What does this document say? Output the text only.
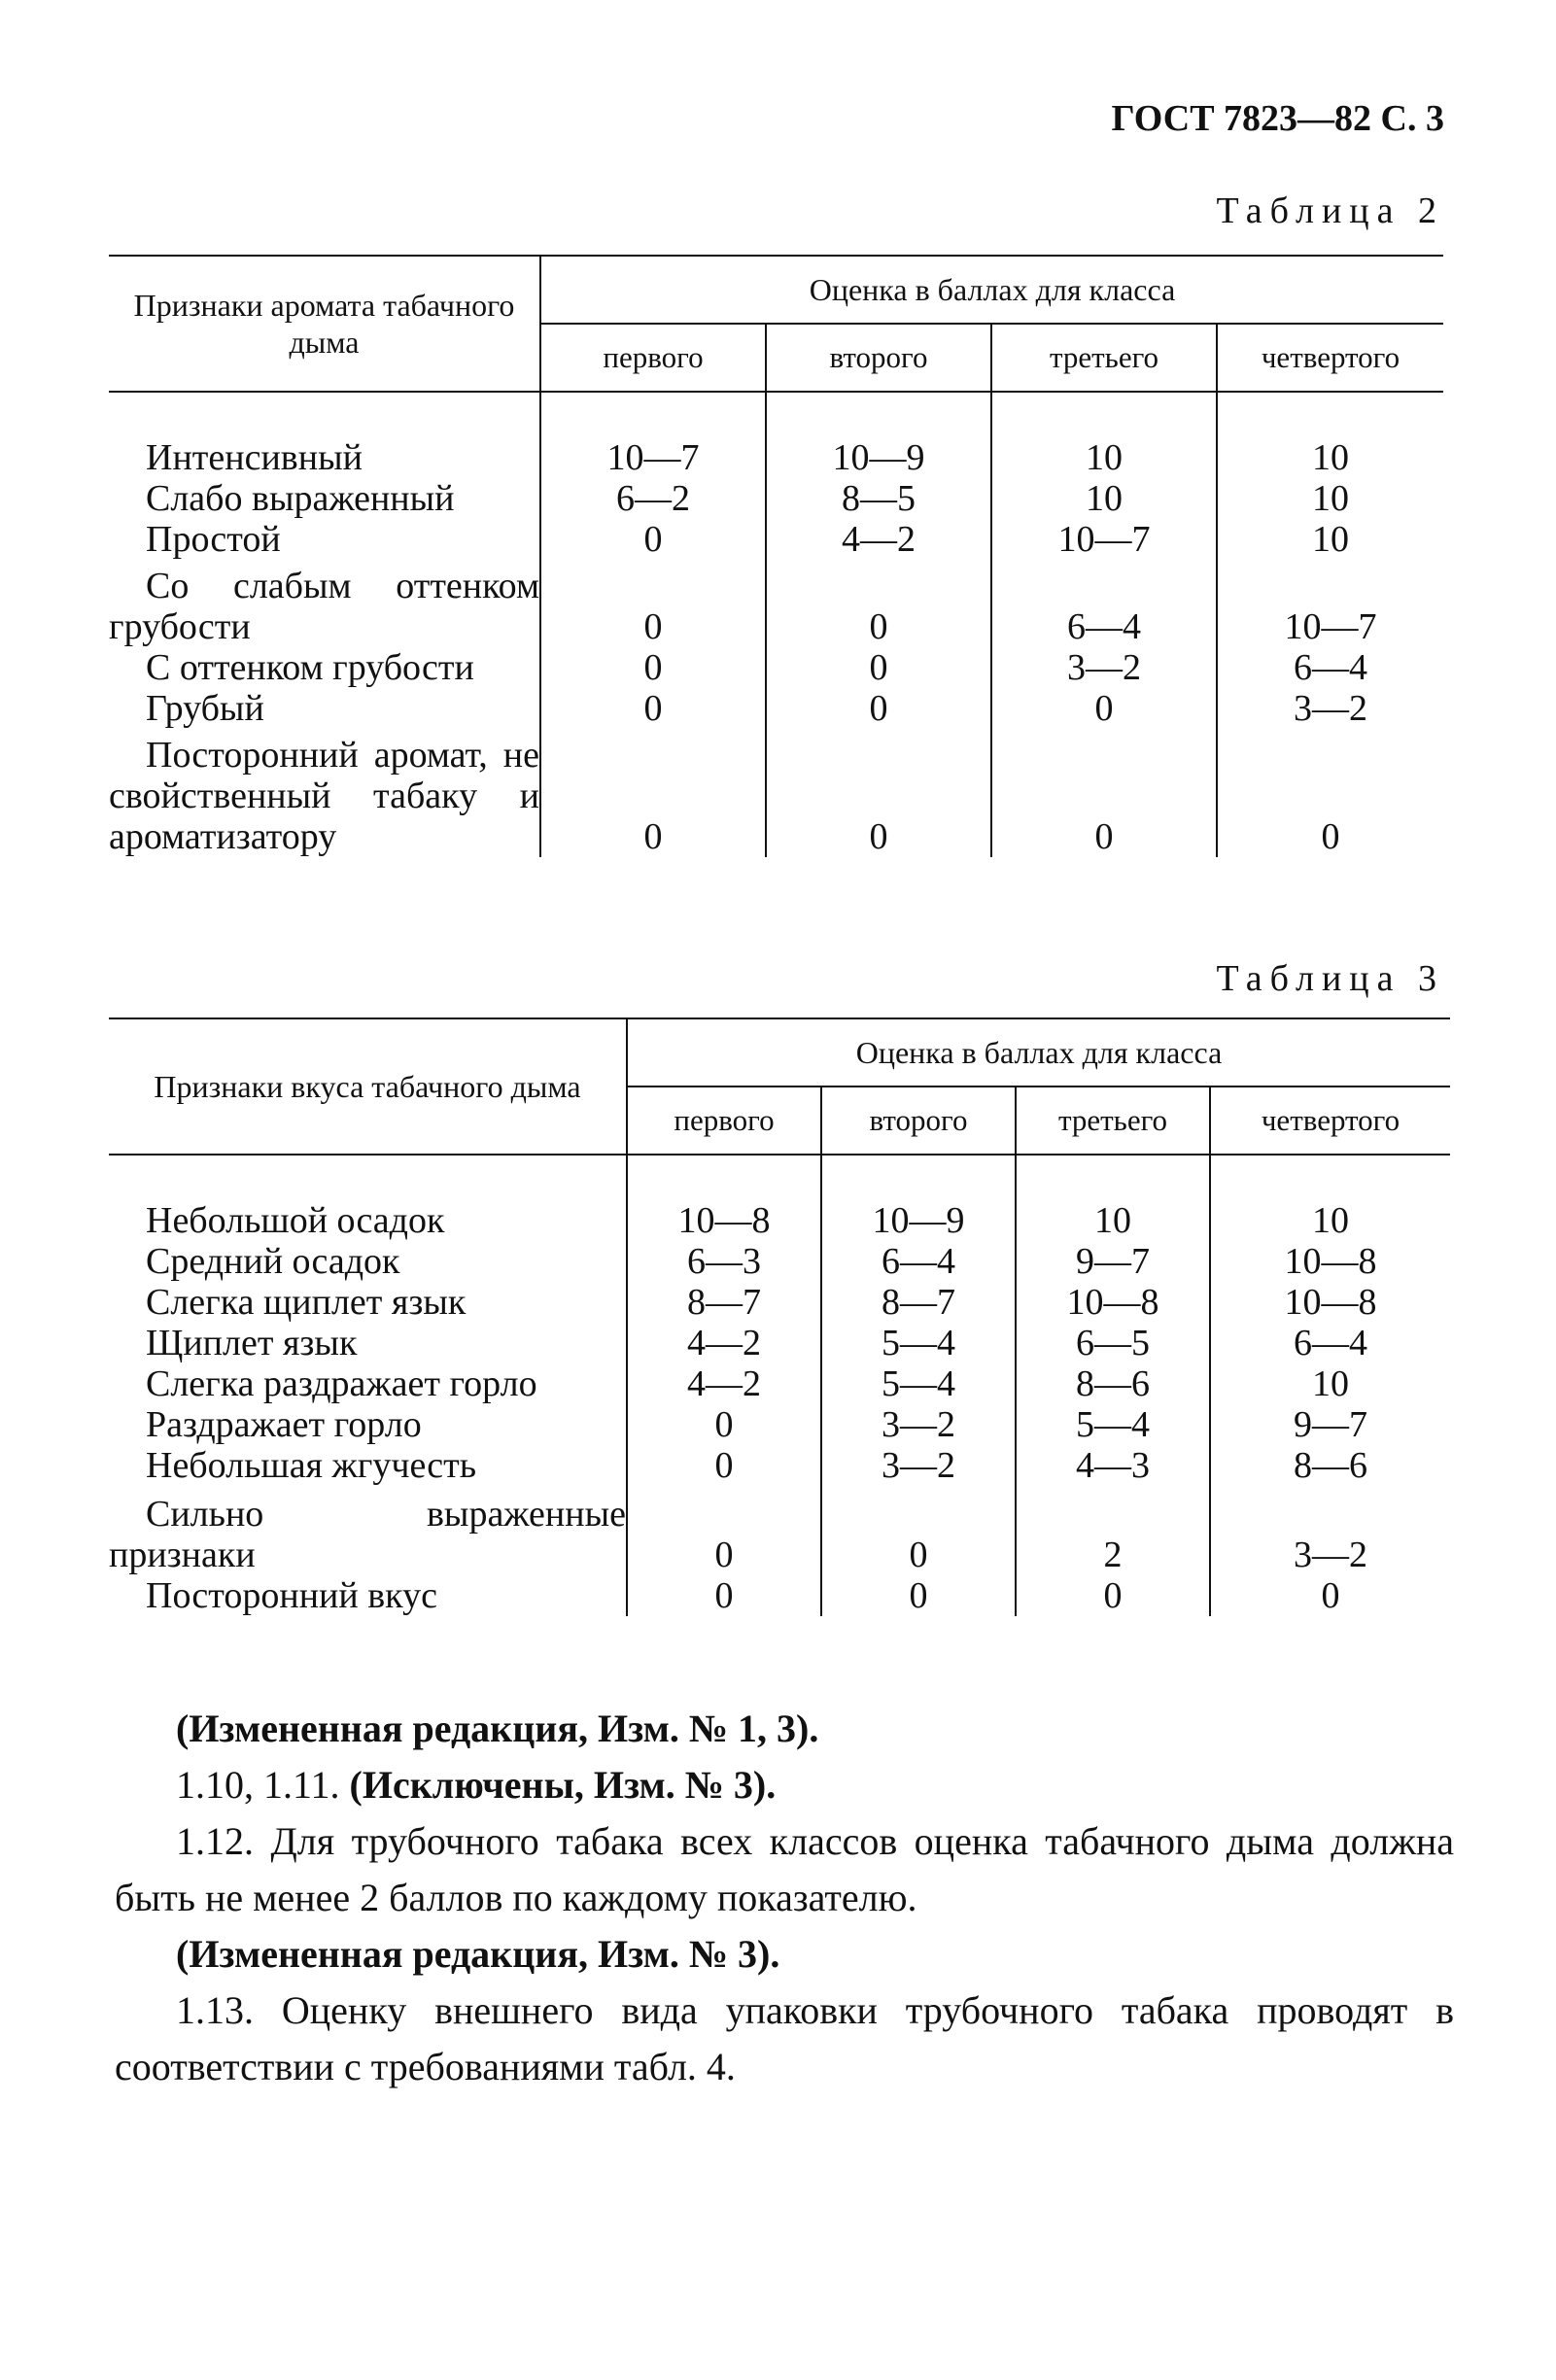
ГОСТ 7823—82 С. 3
Таблица 2
Признаки аромата табачного дыма	Оценка в баллах для класса			
	первого	второго	третьего	четвертого

Интенсивный	10—7	10—9	10	10
Слабо выраженный	6—2	8—5	10	10
Простой	0	4—2	10—7	10
Со слабым оттенком грубости	0	0	6—4	10—7
С оттенком грубости	0	0	3—2	6—4
Грубый	0	0	0	3—2
Посторонний аромат, не свойственный табаку и ароматизатору	0	0	0	0
Таблица 3
Признаки вкуса табачного дыма	Оценка в баллах для класса			
	первого	второго	третьего	четвертого

Небольшой осадок	10—8	10—9	10	10
Средний осадок	6—3	6—4	9—7	10—8
Слегка щиплет язык	8—7	8—7	10—8	10—8
Щиплет язык	4—2	5—4	6—5	6—4
Слегка раздражает горло	4—2	5—4	8—6	10
Раздражает горло	0	3—2	5—4	9—7
Небольшая жгучесть	0	3—2	4—3	8—6
Сильно выраженные признаки	0	0	2	3—2
Посторонний вкус	0	0	0	0
(Измененная редакция, Изм. № 1, 3).
1.10, 1.11. (Исключены, Изм. № 3).
1.12. Для трубочного табака всех классов оценка табачного дыма должна быть не менее 2 баллов по каждому показателю.
(Измененная редакция, Изм. № 3).
1.13. Оценку внешнего вида упаковки трубочного табака проводят в соответствии с требованиями табл. 4.
